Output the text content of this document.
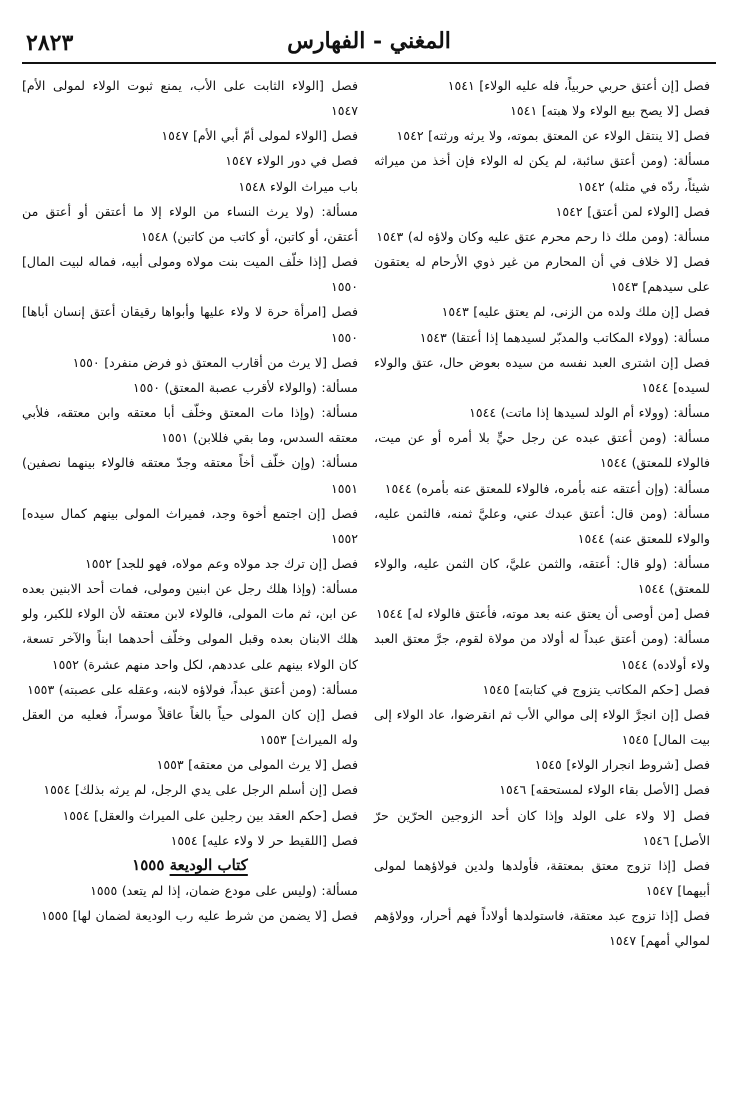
٢٨٢٣	المغني - الفهارس
فصل [إن أعتق حربي حربياً، فله عليه الولاء] ١٥٤١
فصل [لا يصح بيع الولاء ولا هبته] ١٥٤١
فصل [لا ينتقل الولاء عن المعتق بموته، ولا يرثه ورثته] ١٥٤٢
مسألة: (ومن أعتق سائبة، لم يكن له الولاء فإن أخذ من ميراثه شيئاً، ردّه في مثله) ١٥٤٢
فصل [الولاء لمن أعتق] ١٥٤٢
مسألة: (ومن ملك ذا رحم محرم عتق عليه وكان ولاؤه له) ١٥٤٣
فصل [لا خلاف في أن المحارم من غير ذوي الأرحام له يعتقون على سيدهم] ١٥٤٣
فصل [إن ملك ولده من الزنى، لم يعتق عليه] ١٥٤٣
مسألة: (وولاء المكاتب والمدبّر لسيدهما إذا أعتقا) ١٥٤٣
فصل [إن اشترى العبد نفسه من سيده بعوض حال، عتق والولاء لسيده] ١٥٤٤
مسألة: (وولاء أم الولد لسيدها إذا ماتت) ١٥٤٤
مسألة: (ومن أعتق عبده عن رجل حيٍّ بلا أمره أو عن ميت، فالولاء للمعتق) ١٥٤٤
مسألة: (وإن أعتقه عنه بأمره، فالولاء للمعتق عنه بأمره) ١٥٤٤
مسألة: (ومن قال: أعتق عبدك عني، وعليَّ ثمنه، فالثمن عليه، والولاء للمعتق عنه) ١٥٤٤
مسألة: (ولو قال: أعتقه، والثمن عليَّ، كان الثمن عليه، والولاء للمعتق) ١٥٤٤
فصل [من أوصى أن يعتق عنه بعد موته، فأعتق فالولاء له] ١٥٤٤
مسألة: (ومن أعتق عبداً له أولاد من مولاة لقوم، جرَّ معتق العبد ولاء أولاده) ١٥٤٤
فصل [حكم المكاتب يتزوج في كتابته] ١٥٤٥
فصل [إن انجرَّ الولاء إلى موالي الأب ثم انقرضوا، عاد الولاء إلى بيت المال] ١٥٤٥
فصل [شروط انجرار الولاء] ١٥٤٥
فصل [الأصل بقاء الولاء لمستحقه] ١٥٤٦
فصل [لا ولاء على الولد وإذا كان أحد الزوجين الحرّين حرّ الأصل] ١٥٤٦
فصل [إذا تزوج معتق بمعتقة، فأولدها ولدين فولاؤهما لمولى أبيهما] ١٥٤٧
فصل [إذا تزوج عبد معتقة، فاستولدها أولاداً فهم أحرار، وولاؤهم لموالي أمهم] ١٥٤٧
فصل [الولاء الثابت على الأب، يمنع ثبوت الولاء لمولى الأم] ١٥٤٧
فصل [الولاء لمولى أمّ أبي الأم] ١٥٤٧
فصل في دور الولاء ١٥٤٧
باب ميراث الولاء ١٥٤٨
مسألة: (ولا يرث النساء من الولاء إلا ما أعتقن أو أعتق من أعتقن، أو كاتبن، أو كاتب من كاتبن) ١٥٤٨
فصل [إذا خلّف الميت بنت مولاه ومولى أبيه، فماله لبيت المال] ١٥٥٠
فصل [امرأة حرة لا ولاء عليها وأبواها رقيقان أعتق إنسان أباها] ١٥٥٠
فصل [لا يرث من أقارب المعتق ذو فرض منفرد] ١٥٥٠
مسألة: (والولاء لأقرب عصبة المعتق) ١٥٥٠
مسألة: (وإذا مات المعتق وخلّف أبا معتقه وابن معتقه، فلأبي معتقه السدس، وما بقي فللابن) ١٥٥١
مسألة: (وإن خلّف أخاً معتقه وجدّ معتقه فالولاء بينهما نصفين) ١٥٥١
فصل [إن اجتمع أخوة وجد، فميراث المولى بينهم كمال سيده] ١٥٥٢
فصل [إن ترك جد مولاه وعم مولاه، فهو للجد] ١٥٥٢
مسألة: (وإذا هلك رجل عن ابنين ومولى، فمات أحد الابنين بعده عن ابن، ثم مات المولى، فالولاء لابن معتقه لأن الولاء للكبر، ولو هلك الابنان بعده وقبل المولى وخلّف أحدهما ابناً والآخر تسعة، كان الولاء بينهم على عددهم، لكل واحد منهم عشرة) ١٥٥٢
مسألة: (ومن أعتق عبداً، فولاؤه لابنه، وعقله على عصبته) ١٥٥٣
فصل [إن كان المولى حياً بالغاً عاقلاً موسراً، فعليه من العقل وله الميراث] ١٥٥٣
فصل [لا يرث المولى من معتقه] ١٥٥٣
فصل [إن أسلم الرجل على يدي الرجل، لم يرثه بذلك] ١٥٥٤
فصل [حكم العقد بين رجلين على الميراث والعقل] ١٥٥٤
فصل [اللقيط حر لا ولاء عليه] ١٥٥٤
كتاب الوديعة ١٥٥٥
مسألة: (وليس على مودع ضمان، إذا لم يتعد) ١٥٥٥
فصل [لا يضمن من شرط عليه رب الوديعة لضمان لها] ١٥٥٥
